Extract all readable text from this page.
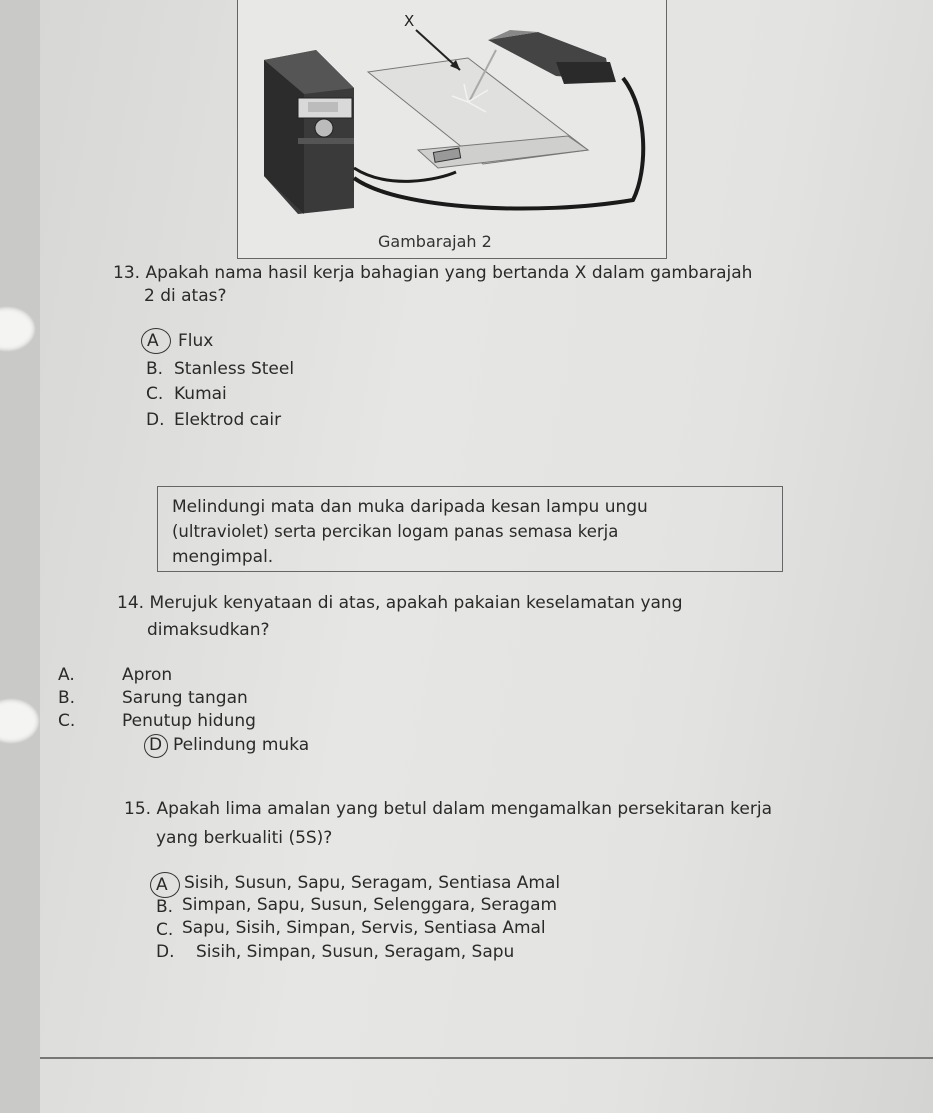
X
Gambarajah 2
13. Apakah nama hasil kerja bahagian yang bertanda X dalam gambarajah
2 di atas?
A Flux
B. Stanless Steel
C. Kumai
D. Elektrod cair
Melindungi mata dan muka daripada kesan lampu ungu
(ultraviolet) serta percikan logam panas semasa kerja
mengimpal.
14. Merujuk kenyataan di atas, apakah pakaian keselamatan yang
dimaksudkan?
A.	Apron
B.	Sarung tangan
C.	Penutup hidung
D Pelindung muka
15. Apakah lima amalan yang betul dalam mengamalkan persekitaran kerja
yang berkualiti (5S)?
A Sisih, Susun, Sapu, Seragam, Sentiasa Amal
B. Simpan, Sapu, Susun, Selenggara, Seragam
C. Sapu, Sisih, Simpan, Servis, Sentiasa Amal
D. Sisih, Simpan, Susun, Seragam, Sapu
